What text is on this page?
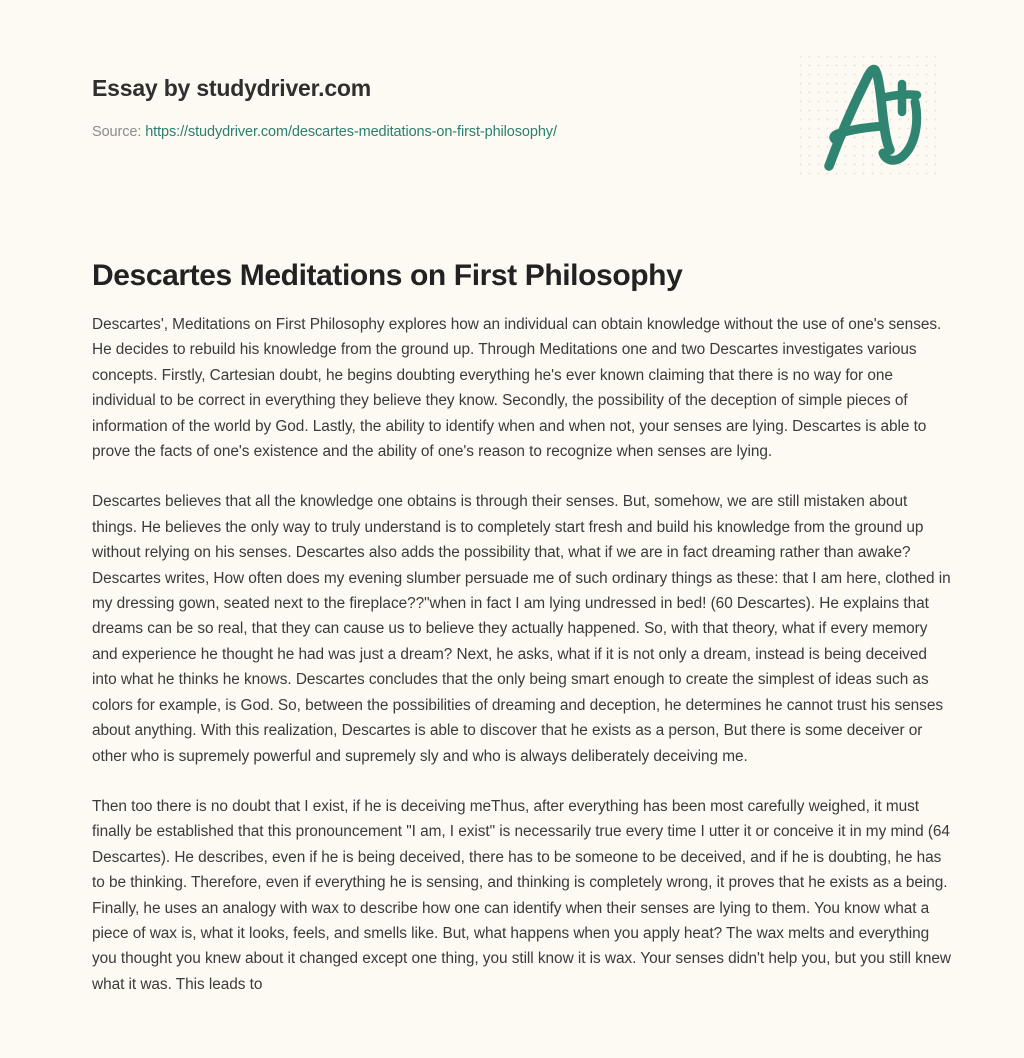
Essay by studydriver.com
Source: https://studydriver.com/descartes-meditations-on-first-philosophy/
Descartes Meditations on First Philosophy

Descartes', Meditations on First Philosophy explores how an individual can obtain knowledge without the use of one's senses. He decides to rebuild his knowledge from the ground up. Through Meditations one and two Descartes investigates various concepts. Firstly, Cartesian doubt, he begins doubting everything he's ever known claiming that there is no way for one individual to be correct in everything they believe they know. Secondly, the possibility of the deception of simple pieces of information of the world by God. Lastly, the ability to identify when and when not, your senses are lying. Descartes is able to prove the facts of one's existence and the ability of one's reason to recognize when senses are lying.

Descartes believes that all the knowledge one obtains is through their senses. But, somehow, we are still mistaken about things. He believes the only way to truly understand is to completely start fresh and build his knowledge from the ground up without relying on his senses. Descartes also adds the possibility that, what if we are in fact dreaming rather than awake? Descartes writes, How often does my evening slumber persuade me of such ordinary things as these: that I am here, clothed in my dressing gown, seated next to the fireplace??"when in fact I am lying undressed in bed! (60 Descartes). He explains that dreams can be so real, that they can cause us to believe they actually happened. So, with that theory, what if every memory and experience he thought he had was just a dream? Next, he asks, what if it is not only a dream, instead is being deceived into what he thinks he knows. Descartes concludes that the only being smart enough to create the simplest of ideas such as colors for example, is God. So, between the possibilities of dreaming and deception, he determines he cannot trust his senses about anything. With this realization, Descartes is able to discover that he exists as a person, But there is some deceiver or other who is supremely powerful and supremely sly and who is always deliberately deceiving me.

Then too there is no doubt that I exist, if he is deceiving meThus, after everything has been most carefully weighed, it must finally be established that this pronouncement "I am, I exist" is necessarily true every time I utter it or conceive it in my mind (64 Descartes). He describes, even if he is being deceived, there has to be someone to be deceived, and if he is doubting, he has to be thinking. Therefore, even if everything he is sensing, and thinking is completely wrong, it proves that he exists as a being. Finally, he uses an analogy with wax to describe how one can identify when their senses are lying to them. You know what a piece of wax is, what it looks, feels, and smells like. But, what happens when you apply heat? The wax melts and everything you thought you knew about it changed except one thing, you still know it is wax. Your senses didn't help you, but you still knew what it was. This leads to
